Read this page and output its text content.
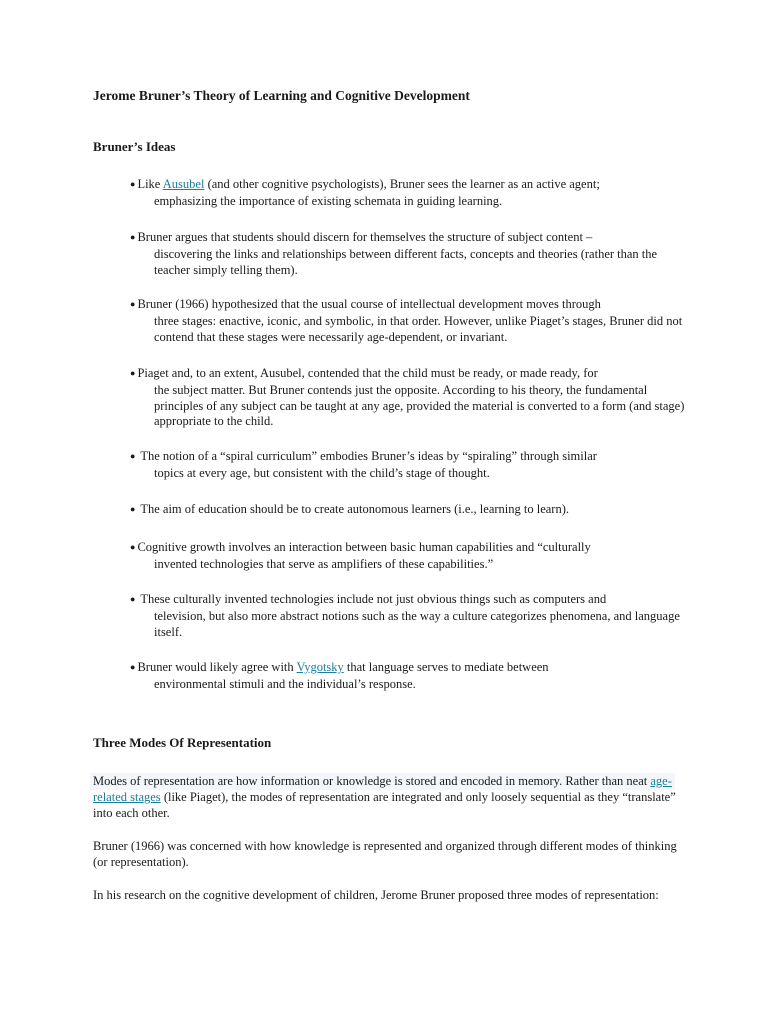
Jerome Bruner’s Theory of Learning and Cognitive Development
Bruner’s Ideas
● Like Ausubel (and other cognitive psychologists), Bruner sees the learner as an active agent;
emphasizing the importance of existing schemata in guiding learning.
● Bruner argues that students should discern for themselves the structure of subject content –
discovering the links and relationships between different facts, concepts and theories (rather than the teacher simply telling them).
● Bruner (1966) hypothesized that the usual course of intellectual development moves through
three stages: enactive, iconic, and symbolic, in that order. However, unlike Piaget’s stages, Bruner did not contend that these stages were necessarily age-dependent, or invariant.
● Piaget and, to an extent, Ausubel, contended that the child must be ready, or made ready, for
the subject matter. But Bruner contends just the opposite. According to his theory, the fundamental principles of any subject can be taught at any age, provided the material is converted to a form (and stage) appropriate to the child.
● The notion of a “spiral curriculum” embodies Bruner’s ideas by “spiraling” through similar
topics at every age, but consistent with the child’s stage of thought.
● The aim of education should be to create autonomous learners (i.e., learning to learn).
● Cognitive growth involves an interaction between basic human capabilities and “culturally
invented technologies that serve as amplifiers of these capabilities.”
● These culturally invented technologies include not just obvious things such as computers and
television, but also more abstract notions such as the way a culture categorizes phenomena, and language itself.
● Bruner would likely agree with Vygotsky that language serves to mediate between
environmental stimuli and the individual’s response.
Three Modes Of Representation
Modes of representation are how information or knowledge is stored and encoded in memory. Rather than neat age-related stages (like Piaget), the modes of representation are integrated and only loosely sequential as they “translate” into each other.
Bruner (1966) was concerned with how knowledge is represented and organized through different modes of thinking (or representation).
In his research on the cognitive development of children, Jerome Bruner proposed three modes of representation:
